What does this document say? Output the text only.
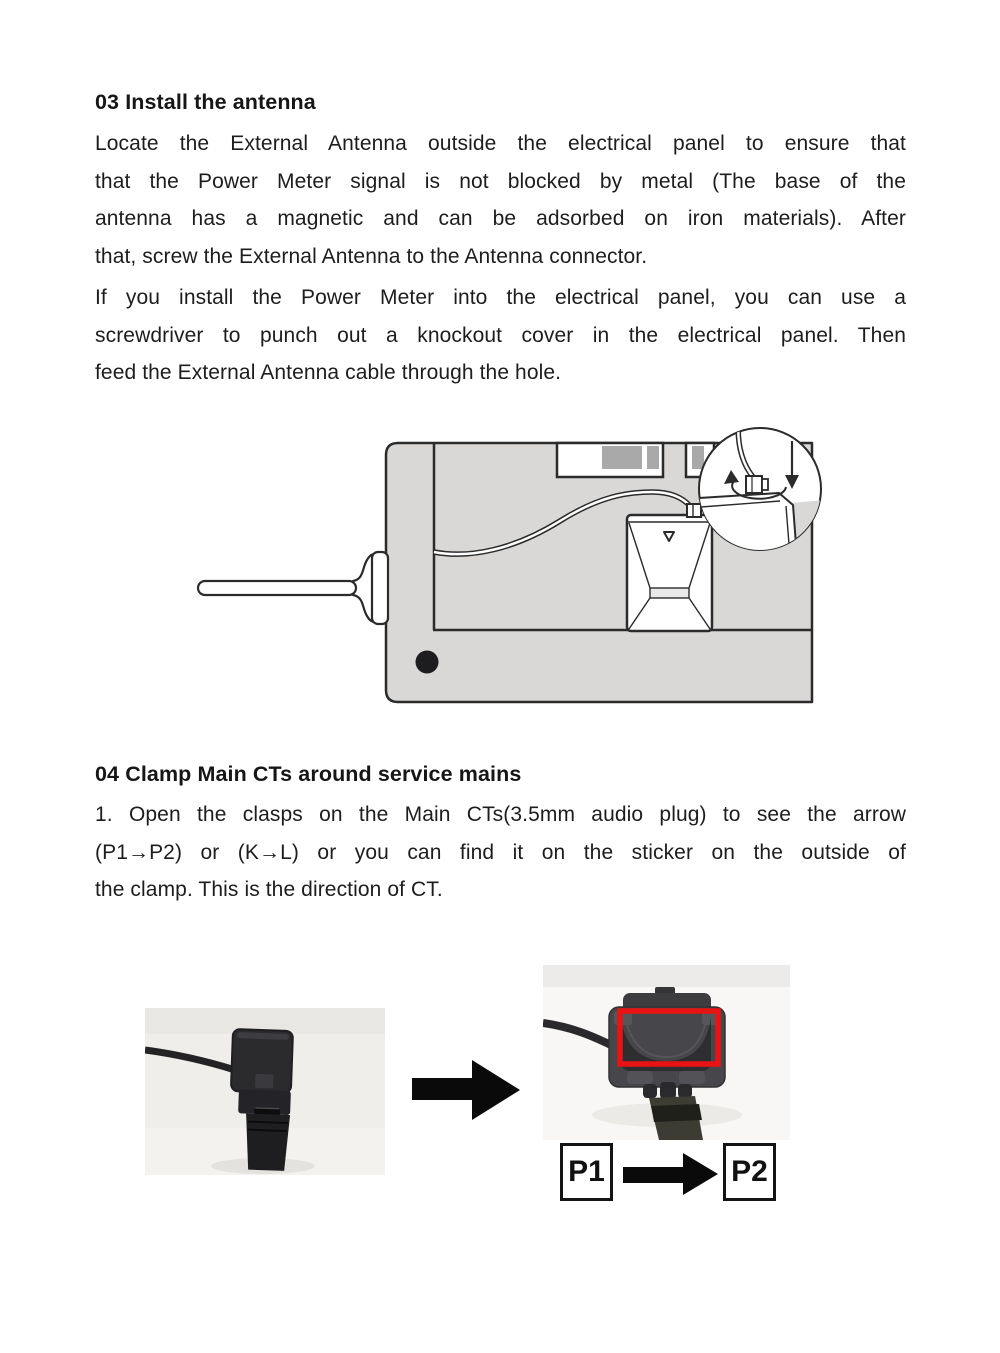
03 Install the antenna
Locate the External Antenna outside the electrical panel to ensure that
that the Power Meter signal is not blocked by metal (The base of the
antenna has a magnetic and can be adsorbed on iron materials). After
that, screw the External Antenna to the Antenna connector.
If you install the Power Meter into the electrical panel, you can use a
screwdriver to punch out a knockout cover in the electrical panel. Then
feed the External Antenna cable through the hole.
04 Clamp Main CTs around service mains
1. Open the clasps on the Main CTs(3.5mm audio plug) to see the arrow
(P1→P2) or (K→L) or you can find it on the sticker on the outside of
the clamp. This is the direction of CT.
P1	P2
